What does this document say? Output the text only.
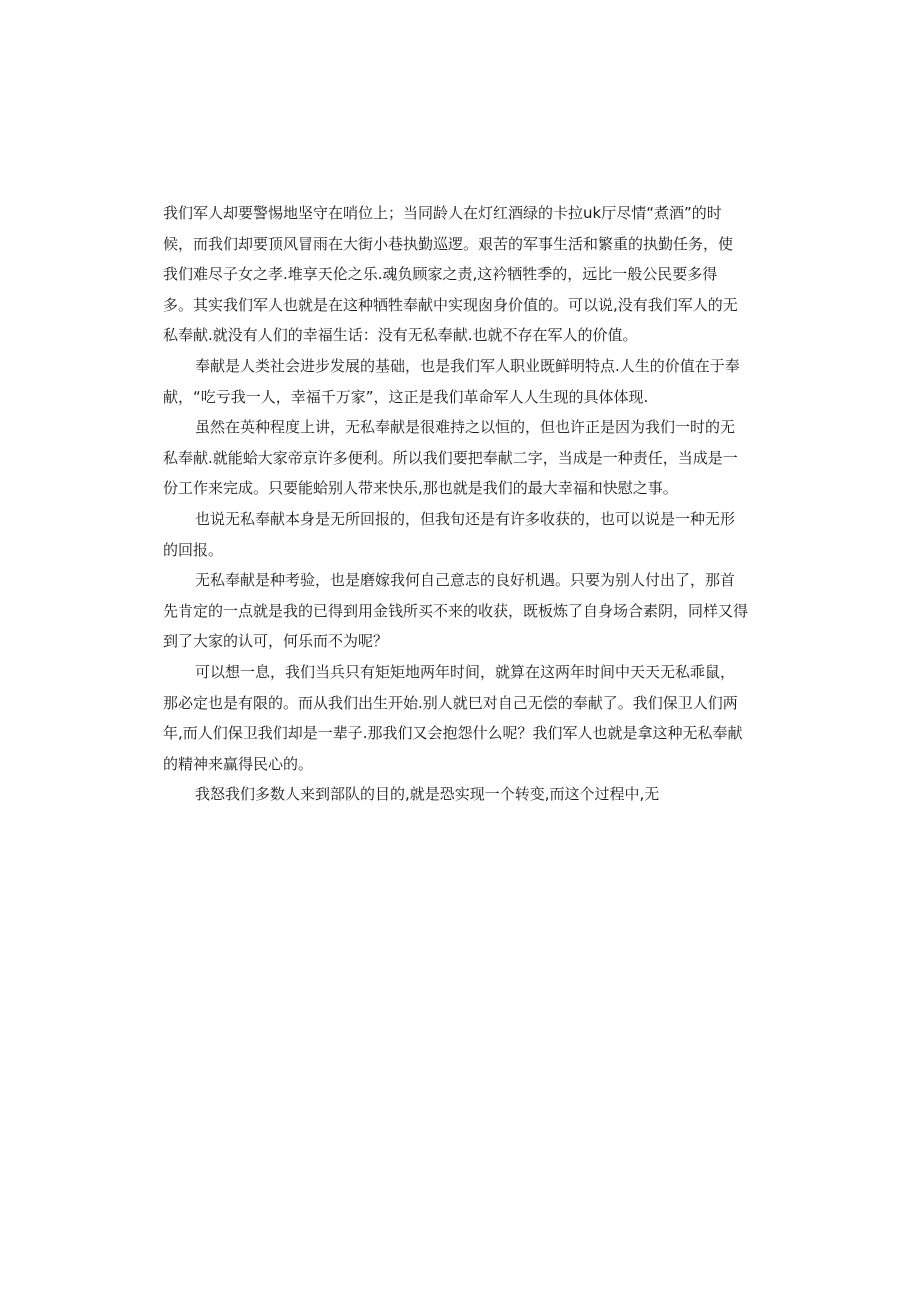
我们军人却要警惕地坚守在哨位上；当同龄人在灯红酒绿的卡拉uk厅尽情“煮酒”的时
候，而我们却要顶风冒雨在大街小巷执勤巡逻。艰苦的军事生活和繁重的执勤任务，使
我们难尽子女之孝.堆享天伦之乐.魂负顾家之责,这衿牺牲季的，远比一般公民要多得
多。其实我们军人也就是在这种牺牲奉献中实现囱身价值的。可以说,没有我们军人的无
私奉献.就没有人们的幸福生话：没有无私奉献.也就不存在军人的价值。
奉献是人类社会进步发展的基础，也是我们军人职业既鲜明特点.人生的价值在于奉
献，“吃亏我一人，幸福千万家”，这正是我们革命军人人生现的具体体现.
虽然在英种程度上讲，无私奉献是很难持之以恒的，但也许正是因为我们一时的无
私奉献.就能蛤大家帝京许多便利。所以我们要把奉献二字，当成是一种责任，当成是一
份工作来完成。只要能蛤别人带来快乐,那也就是我们的最大幸福和快慰之事。
也说无私奉献本身是无所回报的，但我旬还是有许多收获的，也可以说是一种无形
的回报。
无私奉献是种考验，也是磨嫁我何自己意志的良好机遇。只要为别人付出了，那首
先肯定的一点就是我的已得到用金钱所买不来的收获，既板炼了自身场合素阴，同样又得
到了大家的认可，何乐而不为呢？
可以想一息，我们当兵只有矩矩地两年时间，就算在这两年时间中天天无私乖鼠，
那必定也是有限的。而从我们出生开始.别人就巳对自己无偿的奉献了。我们保卫人们两
年,而人们保卫我们却是一辈子.那我们又会抱怨什么呢？我们军人也就是拿这种无私奉献
的精神来赢得民心的。
我怒我们多数人来到部队的目的,就是恐实现一个转变,而这个过程中,无
